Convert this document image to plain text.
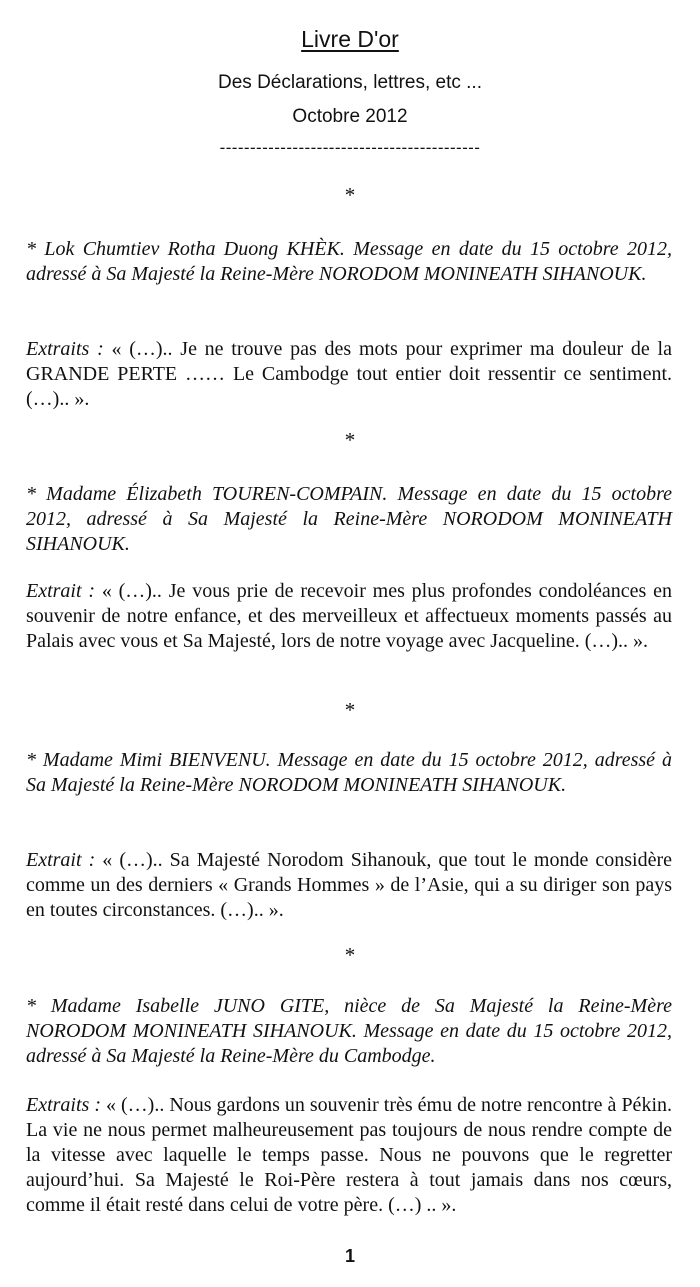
Livre D'or
Des Déclarations, lettres, etc ...
Octobre 2012
-------------------------------------------
*
* Lok Chumtiev Rotha Duong KHÈK. Message en date du 15 octobre 2012, adressé à Sa Majesté la Reine-Mère NORODOM MONINEATH SIHANOUK.
Extraits : « (…).. Je ne trouve pas des mots pour exprimer ma douleur de la GRANDE PERTE …… Le Cambodge tout entier doit ressentir ce sentiment. (…).. ».
*
* Madame Élizabeth TOUREN-COMPAIN. Message en date du 15 octobre 2012, adressé à Sa Majesté la Reine-Mère NORODOM MONINEATH SIHANOUK.
Extrait : « (…).. Je vous prie de recevoir mes plus profondes condoléances en souvenir de notre enfance, et des merveilleux et affectueux moments passés au Palais avec vous et Sa Majesté, lors de notre voyage avec Jacqueline. (…).. ».
*
* Madame Mimi BIENVENU. Message en date du 15 octobre 2012, adressé à Sa Majesté la Reine-Mère NORODOM MONINEATH SIHANOUK.
Extrait : « (…).. Sa Majesté Norodom Sihanouk, que tout le monde considère comme un des derniers « Grands Hommes » de l’Asie, qui a su diriger son pays en toutes circonstances. (…).. ».
*
* Madame Isabelle JUNO GITE, nièce de Sa Majesté la Reine-Mère NORODOM MONINEATH SIHANOUK. Message en date du 15 octobre 2012, adressé à Sa Majesté la Reine-Mère du Cambodge.
Extraits : « (…).. Nous gardons un souvenir très ému de notre rencontre à Pékin. La vie ne nous permet malheureusement pas toujours de nous rendre compte de la vitesse avec laquelle le temps passe. Nous ne pouvons que le regretter aujourd’hui. Sa Majesté le Roi-Père restera à tout jamais dans nos cœurs, comme il était resté dans celui de votre père. (…) .. ».
1
